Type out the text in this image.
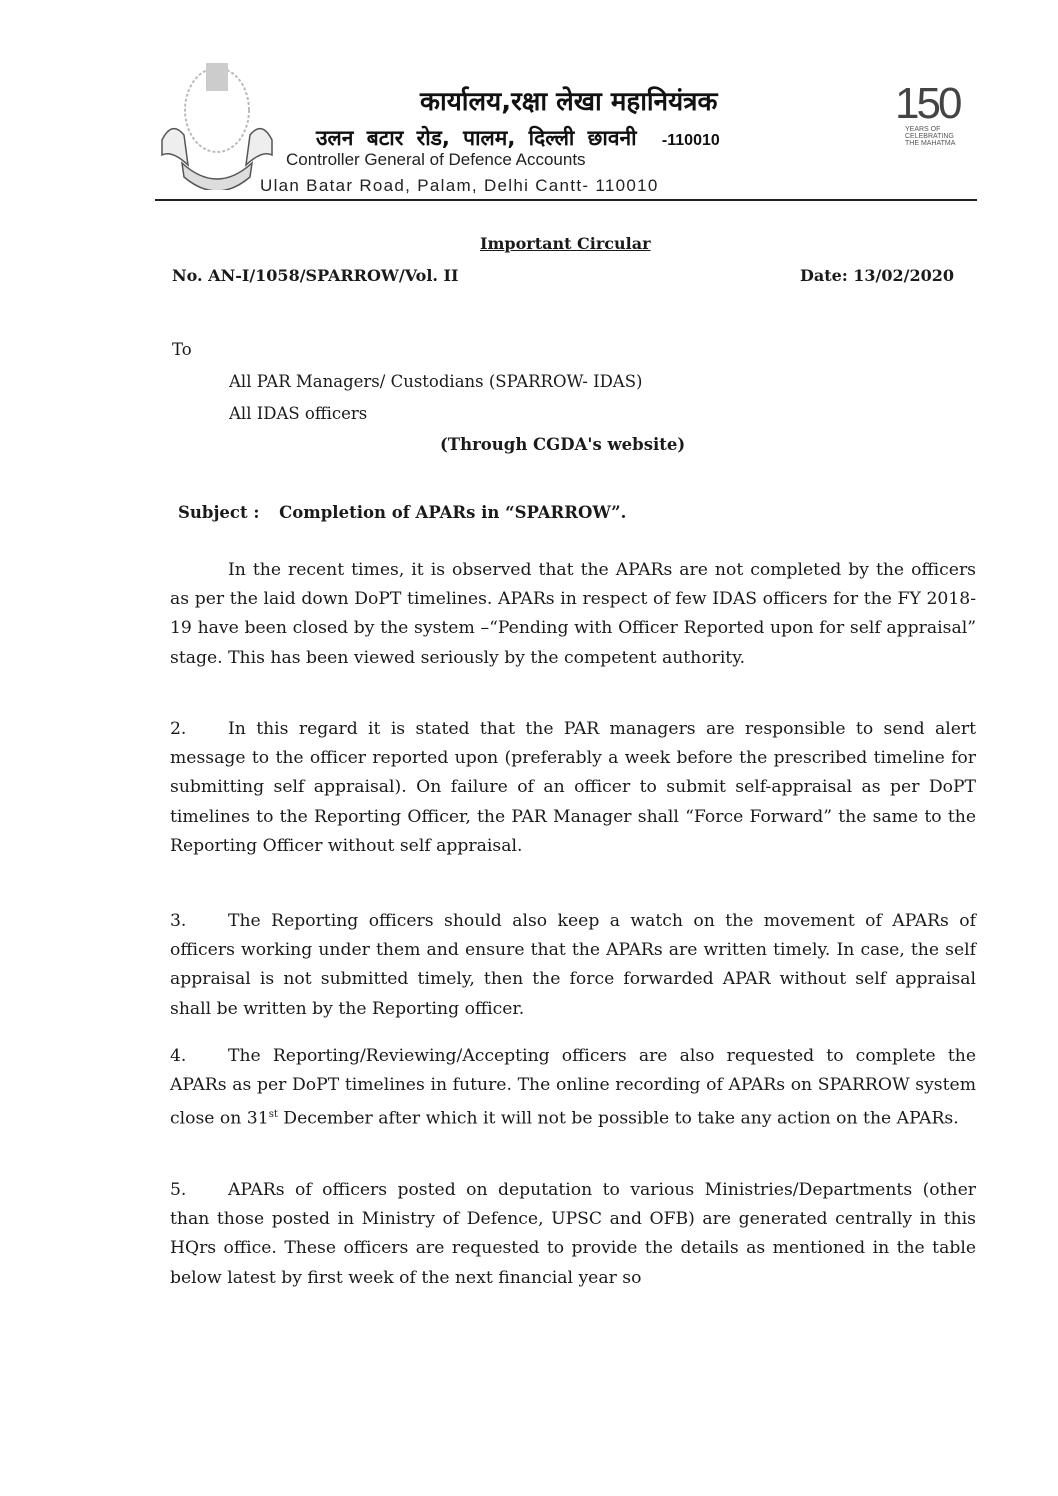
कार्यालय,रक्षा लेखा महानियंत्रक
उलन बटार रोड, पालम, दिल्ली छावनी -110010
Controller General of Defence Accounts
Ulan Batar Road, Palam, Delhi Cantt- 110010
150
YEARS OF
CELEBRATING
THE MAHATMA
Important Circular
No. AN-I/1058/SPARROW/Vol. II	Date: 13/02/2020
To
All PAR Managers/ Custodians (SPARROW- IDAS)
All IDAS officers
(Through CGDA's website)
Subject : Completion of APARs in “SPARROW”.
In the recent times, it is observed that the APARs are not completed by the officers as per the laid down DoPT timelines. APARs in respect of few IDAS officers for the FY 2018-19 have been closed by the system –“Pending with Officer Reported upon for self appraisal” stage. This has been viewed seriously by the competent authority.
2. In this regard it is stated that the PAR managers are responsible to send alert message to the officer reported upon (preferably a week before the prescribed timeline for submitting self appraisal). On failure of an officer to submit self-appraisal as per DoPT timelines to the Reporting Officer, the PAR Manager shall “Force Forward” the same to the Reporting Officer without self appraisal.
3. The Reporting officers should also keep a watch on the movement of APARs of officers working under them and ensure that the APARs are written timely. In case, the self appraisal is not submitted timely, then the force forwarded APAR without self appraisal shall be written by the Reporting officer.
4. The Reporting/Reviewing/Accepting officers are also requested to complete the APARs as per DoPT timelines in future. The online recording of APARs on SPARROW system close on 31st December after which it will not be possible to take any action on the APARs.
5. APARs of officers posted on deputation to various Ministries/Departments (other than those posted in Ministry of Defence, UPSC and OFB) are generated centrally in this HQrs office. These officers are requested to provide the details as mentioned in the table below latest by first week of the next financial year so
